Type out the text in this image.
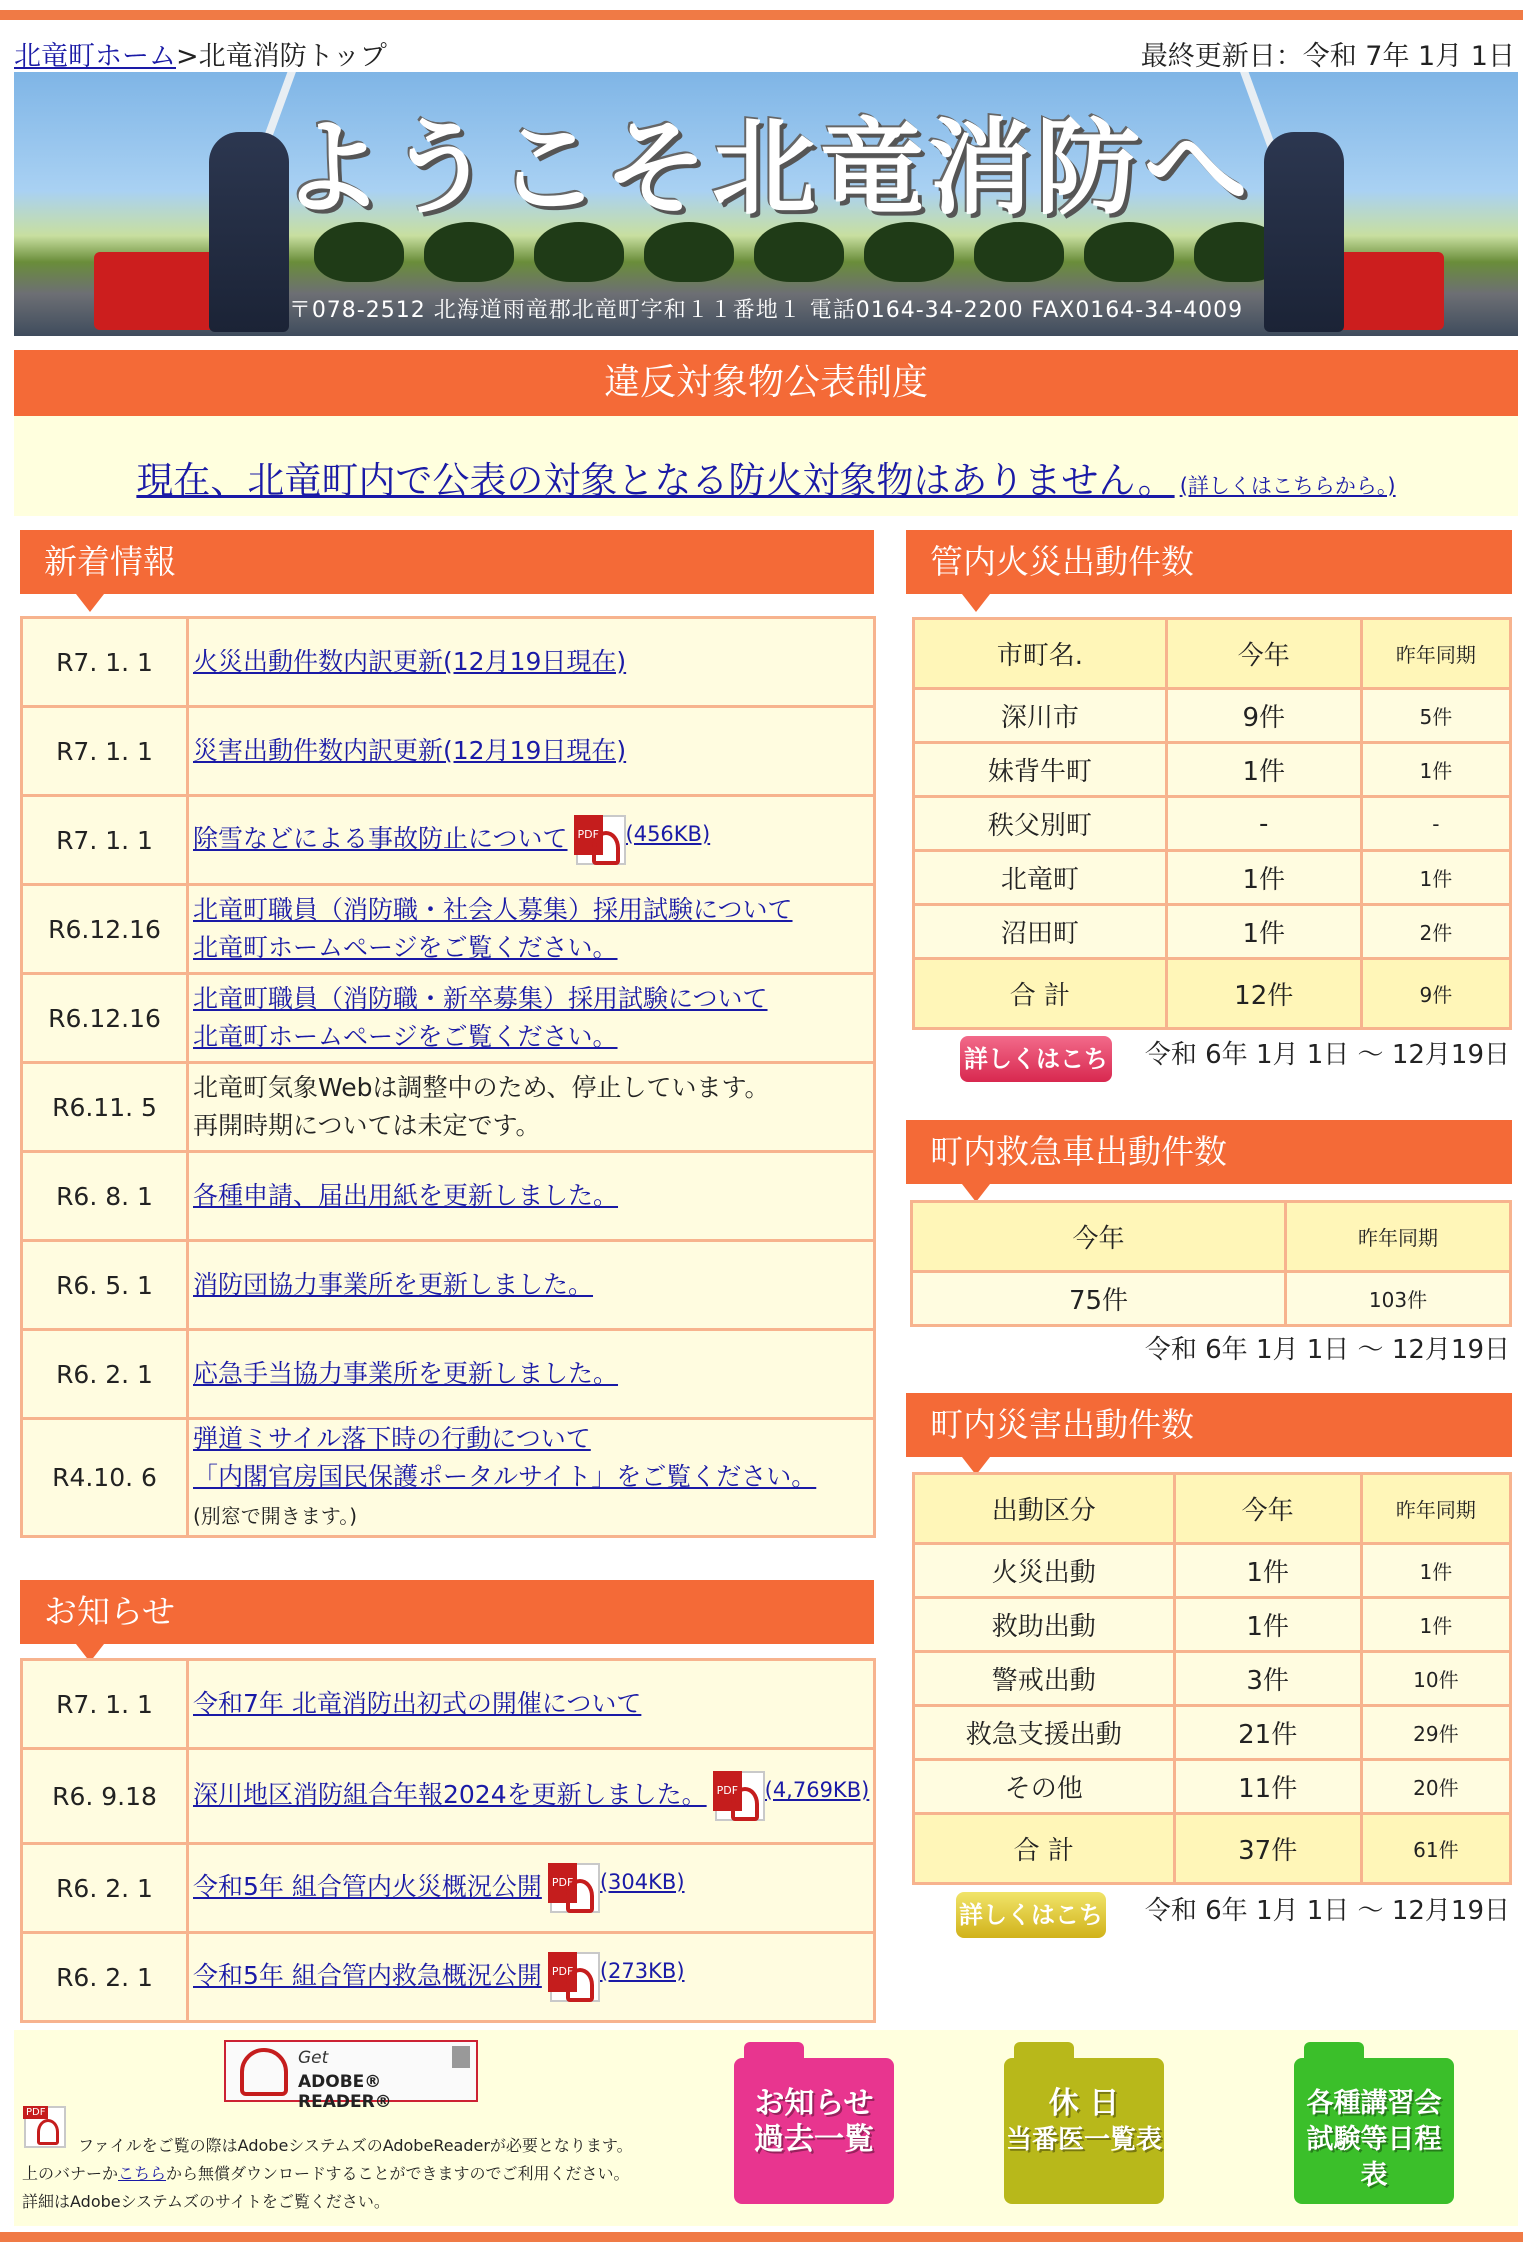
北竜町ホーム>北竜消防トップ	最終更新日：令和 7年 1月 1日
ようこそ北竜消防へ
〒078-2512 北海道雨竜郡北竜町字和１１番地１ 電話0164-34-2200 FAX0164-34-4009
違反対象物公表制度
現在、北竜町内で公表の対象となる防火対象物はありません。 (詳しくはこちらから。)
新着情報
R7. 1. 1	火災出動件数内訳更新(12月19日現在)
R7. 1. 1	災害出動件数内訳更新(12月19日現在)
R7. 1. 1	除雪などによる事故防止について PDF $^{(456KB)}$
R6.12.16	北竜町職員（消防職・社会人募集）採用試験について
北竜町ホームページをご覧ください。
R6.12.16	北竜町職員（消防職・新卒募集）採用試験について
北竜町ホームページをご覧ください。
R6.11. 5	北竜町気象Webは調整中のため、停止しています。
再開時期については未定です。
R6. 8. 1	各種申請、届出用紙を更新しました。
R6. 5. 1	消防団協力事業所を更新しました。
R6. 2. 1	応急手当協力事業所を更新しました。
R4.10. 6	弾道ミサイル落下時の行動について
「内閣官房国民保護ポータルサイト」をご覧ください。
(別窓で開きます。)
お知らせ
R7. 1. 1	令和7年 北竜消防出初式の開催について
R6. 9.18	深川地区消防組合年報2024を更新しました。PDF $^{(4,769KB)}$
R6. 2. 1	令和5年 組合管内火災概況公開 PDF $^{(304KB)}$
R6. 2. 1	令和5年 組合管内救急概況公開 PDF $^{(273KB)}$
管内火災出動件数
市町名.	今年	昨年同期
深川市	9件	5件
妹背牛町	1件	1件
秩父別町	-	-
北竜町	1件	1件
沼田町	1件	2件
合 計	12件	9件
詳しくはこちら
令和 6年 1月 1日 ～ 12月19日
町内救急車出動件数
今年	昨年同期
75件	103件
令和 6年 1月 1日 ～ 12月19日
町内災害出動件数
出動区分	今年	昨年同期
火災出動	1件	1件
救助出動	1件	1件
警戒出動	3件	10件
救急支援出動	21件	29件
その他	11件	20件
合 計	37件	61件
詳しくはこちら
令和 6年 1月 1日 ～ 12月19日
Get
ADOBE® READER®
PDF
ファイルをご覧の際はAdobeシステムズのAdobeReaderが必要となります。
上のバナーかこちらから無償ダウンロードすることができますのでご利用ください。
詳細はAdobeシステムズのサイトをご覧ください。
お知らせ
過去一覧
休 日
当番医一覧表
各種講習会
試験等日程表
